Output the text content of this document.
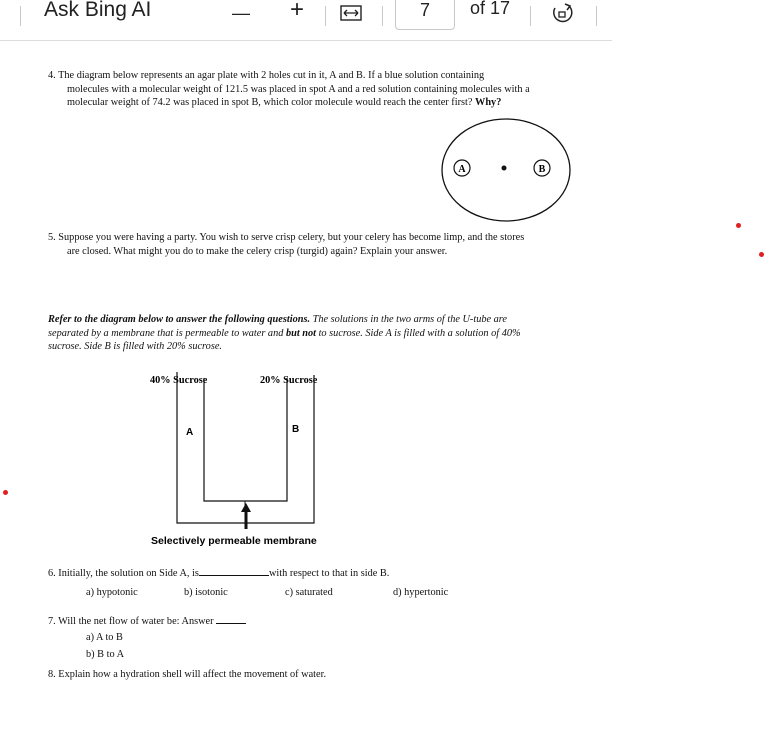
Ask Bing AI	— +	7	of 17
4. The diagram below represents an agar plate with 2 holes cut in it, A and B. If a blue solution containing
molecules with a molecular weight of 121.5 was placed in spot A and a red solution containing molecules with a
molecular weight of 74.2 was placed in spot B, which color molecule would reach the center first? Why?
A	B
5. Suppose you were having a party. You wish to serve crisp celery, but your celery has become limp, and the stores
are closed. What might you do to make the celery crisp (turgid) again? Explain your answer.
Refer to the diagram below to answer the following questions. The solutions in the two arms of the U-tube are
separated by a membrane that is permeable to water and but not to sucrose. Side A is filled with a solution of 40%
sucrose. Side B is filled with 20% sucrose.
40% Sucrose	20% Sucrose
A	B
Selectively permeable membrane
6. Initially, the solution on Side A, is	with respect to that in side B.
a) hypotonic	b) isotonic	c) saturated	d) hypertonic
7. Will the net flow of water be: Answer
a) A to B
b) B to A
8. Explain how a hydration shell will affect the movement of water.
